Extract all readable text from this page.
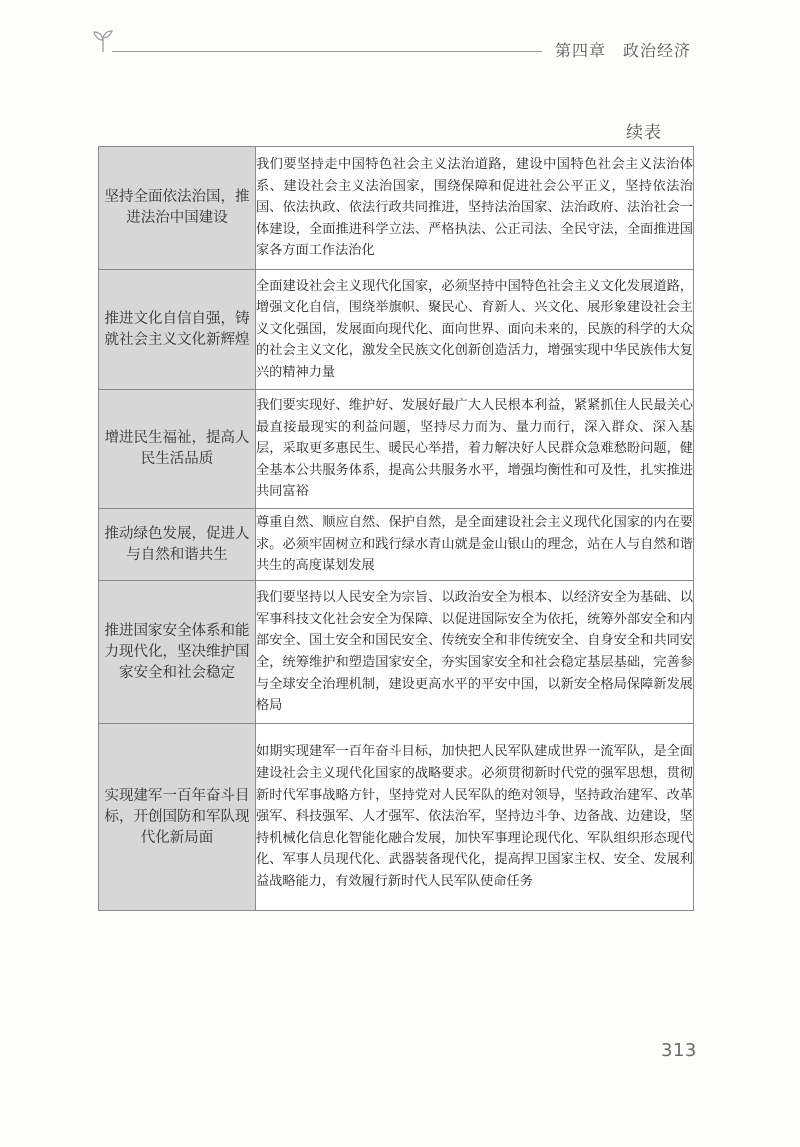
第四章　政治经济
续表
坚持全面依法治国，推进法治中国建设	我们要坚持走中国特色社会主义法治道路，建设中国特色社会主义法治体系、建设社会主义法治国家，围绕保障和促进社会公平正义，坚持依法治国、依法执政、依法行政共同推进，坚持法治国家、法治政府、法治社会一体建设，全面推进科学立法、严格执法、公正司法、全民守法，全面推进国家各方面工作法治化
推进文化自信自强，铸就社会主义文化新辉煌	全面建设社会主义现代化国家，必须坚持中国特色社会主义文化发展道路，增强文化自信，围绕举旗帜、聚民心、育新人、兴文化、展形象建设社会主义文化强国，发展面向现代化、面向世界、面向未来的，民族的科学的大众的社会主义文化，激发全民族文化创新创造活力，增强实现中华民族伟大复兴的精神力量
增进民生福祉，提高人民生活品质	我们要实现好、维护好、发展好最广大人民根本利益，紧紧抓住人民最关心最直接最现实的利益问题，坚持尽力而为、量力而行，深入群众、深入基层，采取更多惠民生、暖民心举措，着力解决好人民群众急难愁盼问题，健全基本公共服务体系，提高公共服务水平，增强均衡性和可及性，扎实推进共同富裕
推动绿色发展，促进人与自然和谐共生	尊重自然、顺应自然、保护自然，是全面建设社会主义现代化国家的内在要求。必须牢固树立和践行绿水青山就是金山银山的理念，站在人与自然和谐共生的高度谋划发展
推进国家安全体系和能力现代化，坚决维护国家安全和社会稳定	我们要坚持以人民安全为宗旨、以政治安全为根本、以经济安全为基础、以军事科技文化社会安全为保障、以促进国际安全为依托，统筹外部安全和内部安全、国土安全和国民安全、传统安全和非传统安全、自身安全和共同安全，统筹维护和塑造国家安全，夯实国家安全和社会稳定基层基础，完善参与全球安全治理机制，建设更高水平的平安中国，以新安全格局保障新发展格局
实现建军一百年奋斗目标，开创国防和军队现代化新局面	如期实现建军一百年奋斗目标，加快把人民军队建成世界一流军队，是全面建设社会主义现代化国家的战略要求。必须贯彻新时代党的强军思想，贯彻新时代军事战略方针，坚持党对人民军队的绝对领导，坚持政治建军、改革强军、科技强军、人才强军、依法治军，坚持边斗争、边备战、边建设，坚持机械化信息化智能化融合发展，加快军事理论现代化、军队组织形态现代化、军事人员现代化、武器装备现代化，提高捍卫国家主权、安全、发展利益战略能力，有效履行新时代人民军队使命任务
313
